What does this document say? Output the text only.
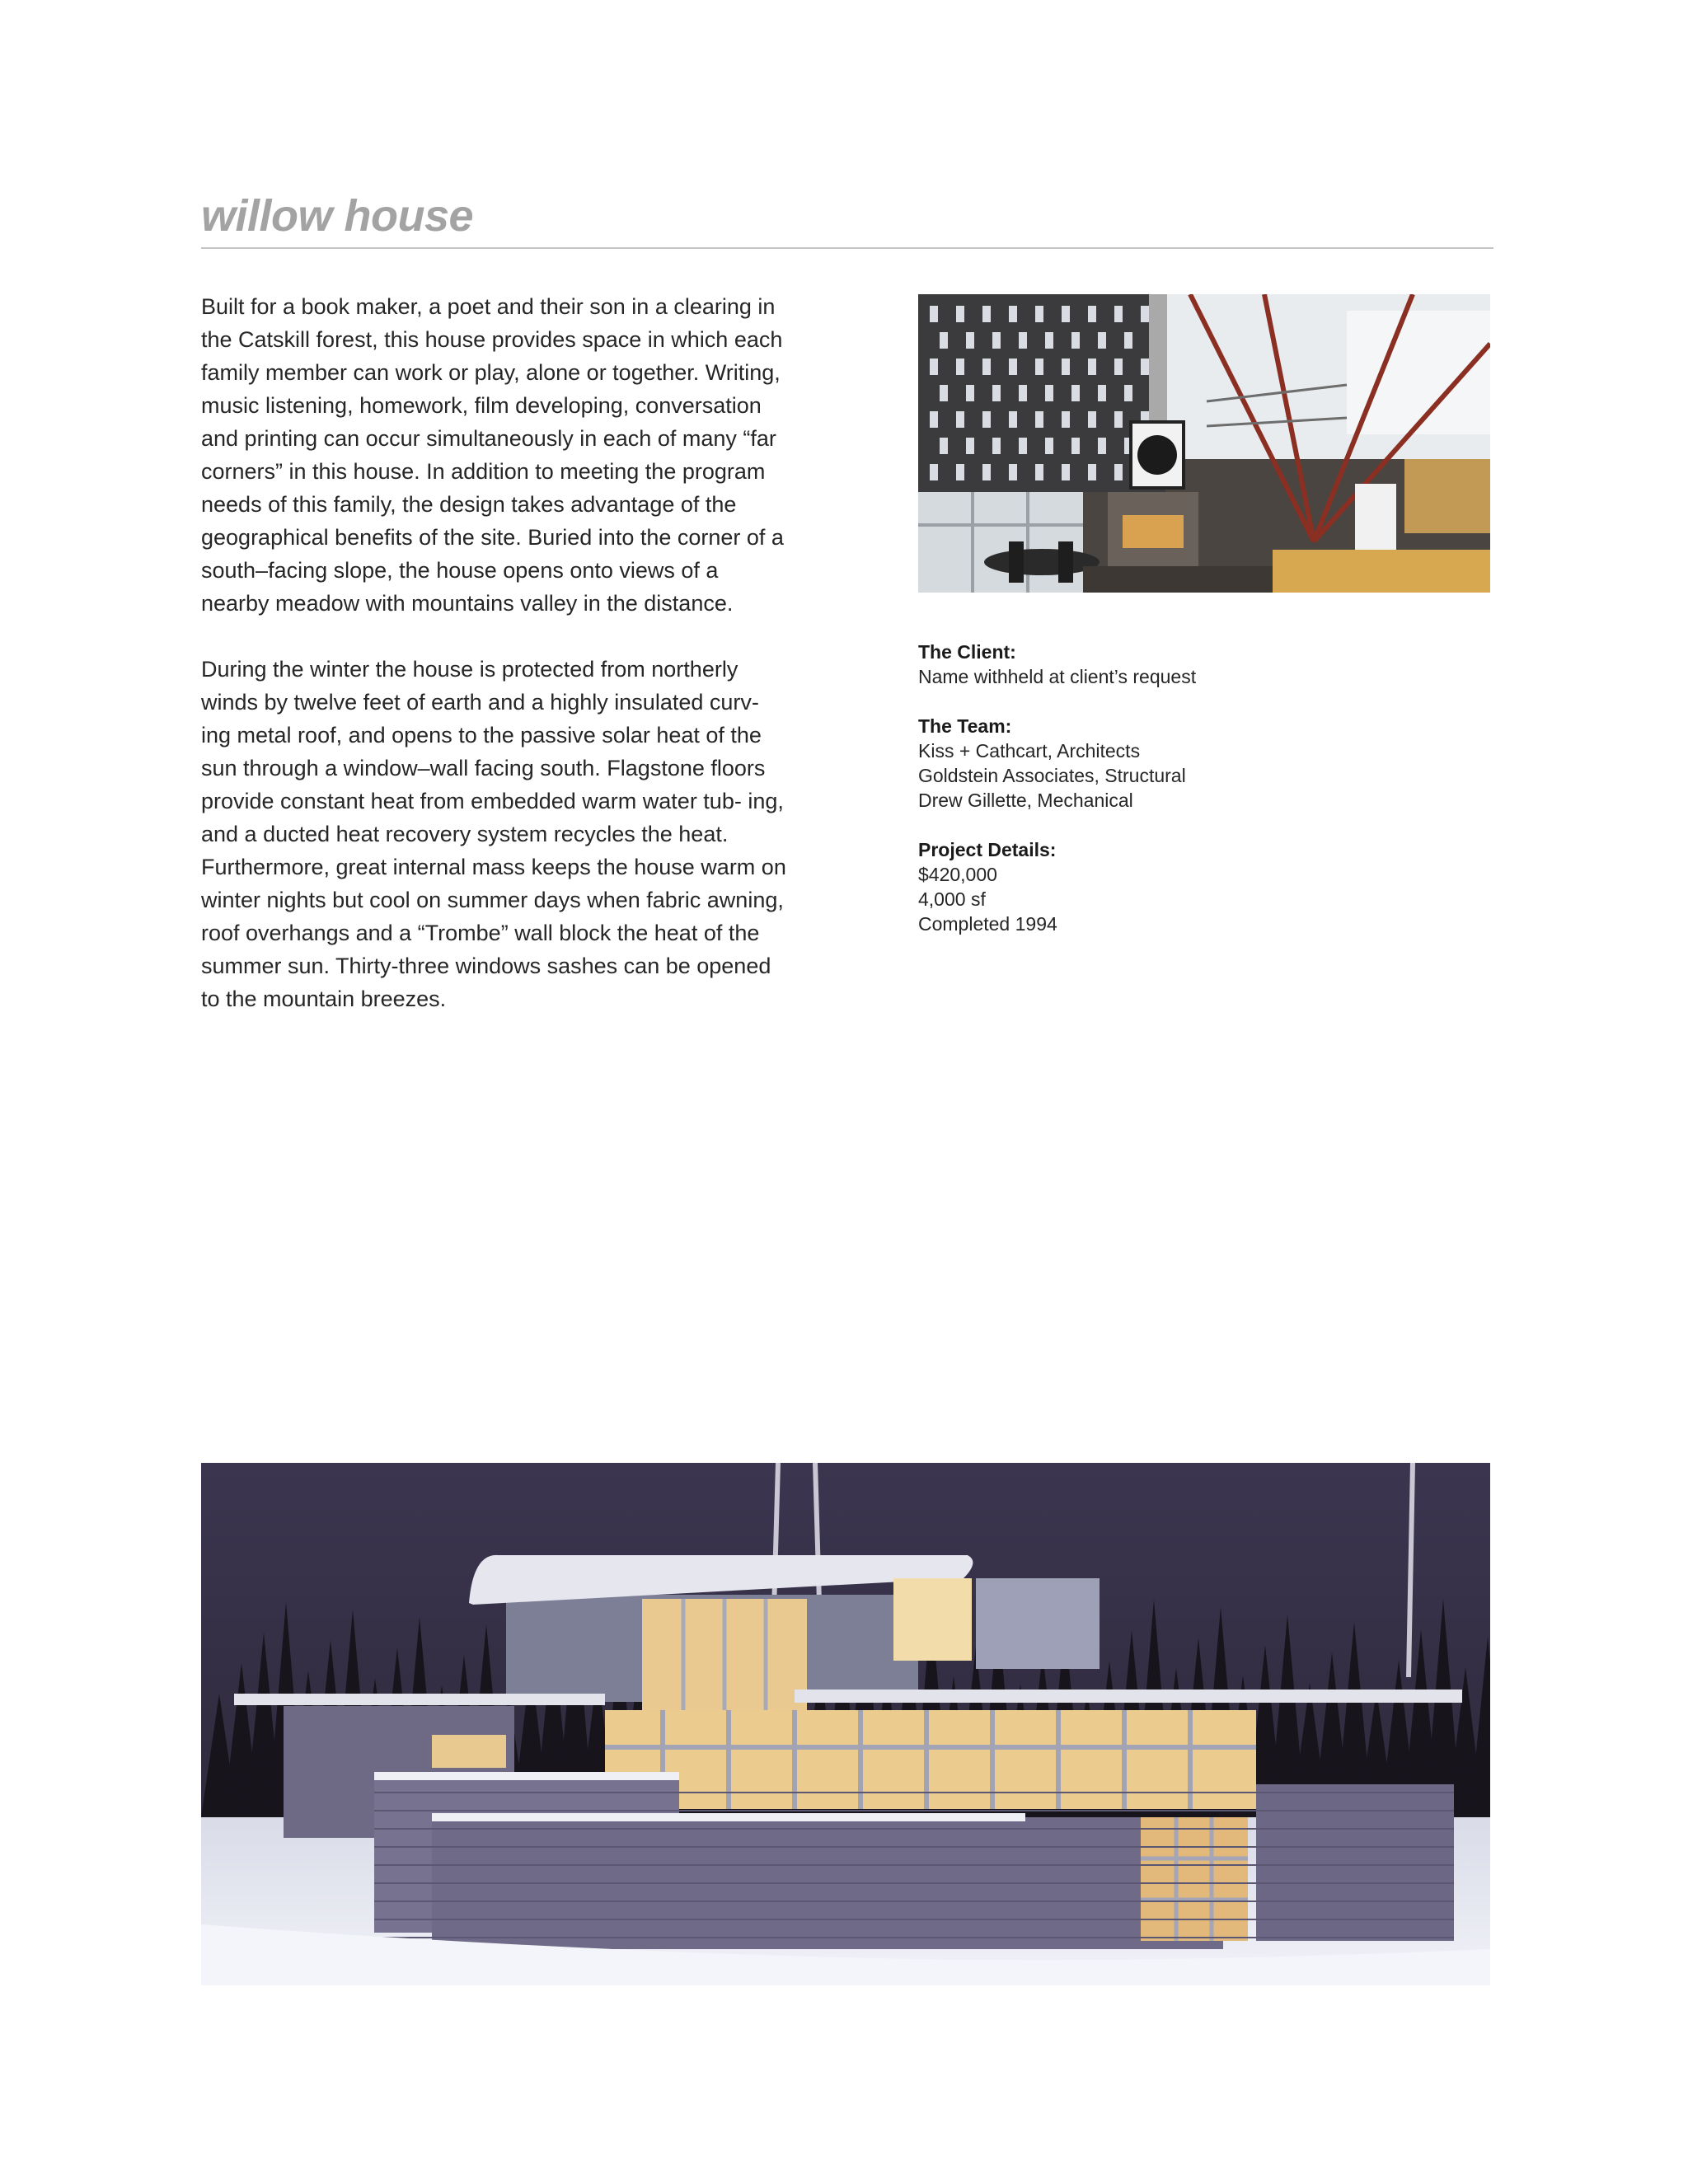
willow house

Built for a book maker, a poet and their son in a clearing in the Catskill forest, this house provides space in which each family member can work or play, alone or together. Writing, music listening, homework, film developing, conversation and printing can occur simultaneously in each of many “far corners” in this house. In addition to meeting the program needs of this family, the design takes advantage of the geographical benefits of the site. Buried into the corner of a south–facing slope, the house opens onto views of a nearby meadow with mountains valley in the distance.

During the winter the house is protected from northerly winds by twelve feet of earth and a highly insulated curv- ing metal roof, and opens to the passive solar heat of the sun through a window–wall facing south. Flagstone floors provide constant heat from embedded warm water tub- ing, and a ducted heat recovery system recycles the heat. Furthermore, great internal mass keeps the house warm on winter nights but cool on summer days when fabric awning, roof overhangs and a “Trombe” wall block the heat of the summer sun. Thirty-three windows sashes can be opened to the mountain breezes.

The Client:
Name withheld at client’s request
The Team:
Kiss + Cathcart, Architects
Goldstein Associates, Structural
Drew Gillette, Mechanical
Project Details:
$420,000
4,000 sf
Completed 1994
